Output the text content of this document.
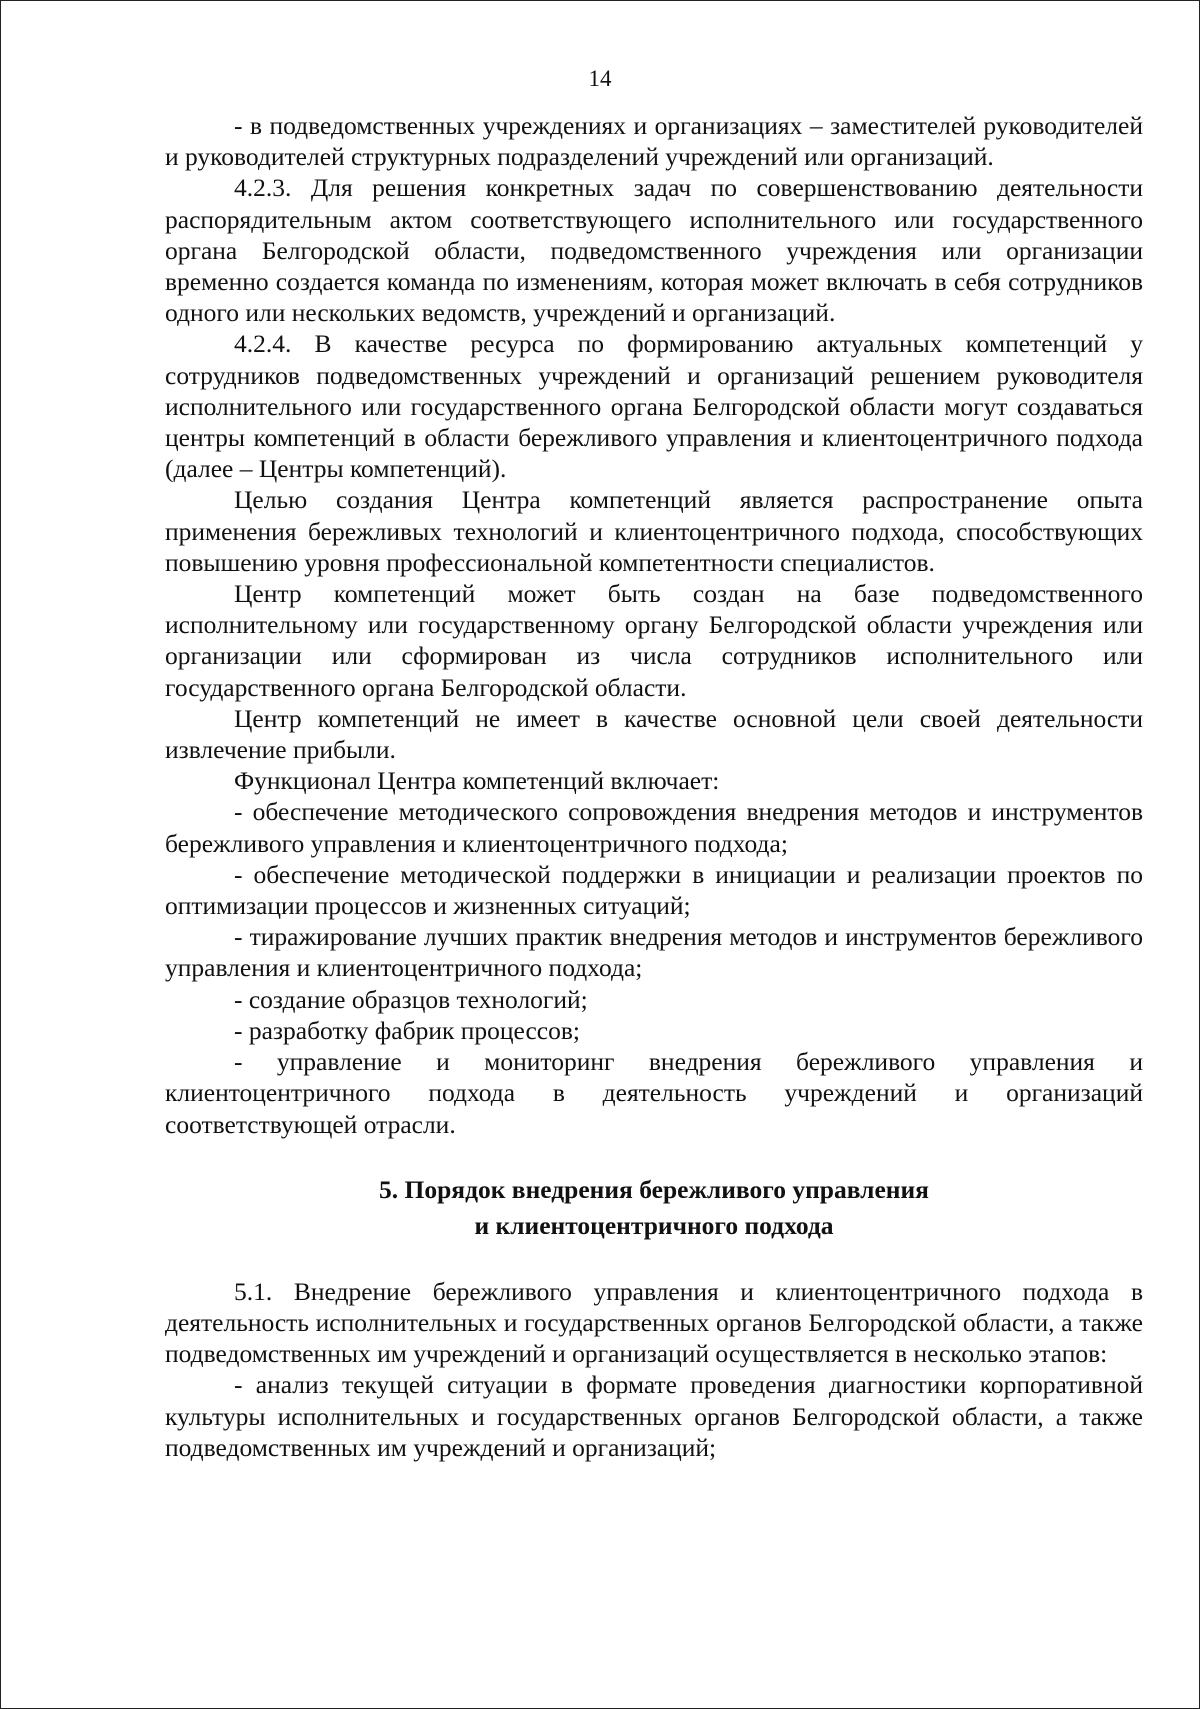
14

- в подведомственных учреждениях и организациях – заместителей руководителей и руководителей структурных подразделений учреждений или организаций.

4.2.3. Для решения конкретных задач по совершенствованию деятельности распорядительным актом соответствующего исполнительного или государственного органа Белгородской области, подведомственного учреждения или организации временно создается команда по изменениям, которая может включать в себя сотрудников одного или нескольких ведомств, учреждений и организаций.

4.2.4. В качестве ресурса по формированию актуальных компетенций у сотрудников подведомственных учреждений и организаций решением руководителя исполнительного или государственного органа Белгородской области могут создаваться центры компетенций в области бережливого управления и клиентоцентричного подхода (далее – Центры компетенций).

Целью создания Центра компетенций является распространение опыта применения бережливых технологий и клиентоцентричного подхода, способствующих повышению уровня профессиональной компетентности специалистов.

Центр компетенций может быть создан на базе подведомственного исполнительному или государственному органу Белгородской области учреждения или организации или сформирован из числа сотрудников исполнительного или государственного органа Белгородской области.

Центр компетенций не имеет в качестве основной цели своей деятельности извлечение прибыли.

Функционал Центра компетенций включает:

- обеспечение методического сопровождения внедрения методов и инструментов бережливого управления и клиентоцентричного подхода;

- обеспечение методической поддержки в инициации и реализации проектов по оптимизации процессов и жизненных ситуаций;

- тиражирование лучших практик внедрения методов и инструментов бережливого управления и клиентоцентричного подхода;

- создание образцов технологий;

- разработку фабрик процессов;

- управление и мониторинг внедрения бережливого управления и клиентоцентричного подхода в деятельность учреждений и организаций соответствующей отрасли.

5. Порядок внедрения бережливого управления
и клиентоцентричного подхода

5.1. Внедрение бережливого управления и клиентоцентричного подхода в деятельность исполнительных и государственных органов Белгородской области, а также подведомственных им учреждений и организаций осуществляется в несколько этапов:

- анализ текущей ситуации в формате проведения диагностики корпоративной культуры исполнительных и государственных органов Белгородской области, а также подведомственных им учреждений и организаций;
